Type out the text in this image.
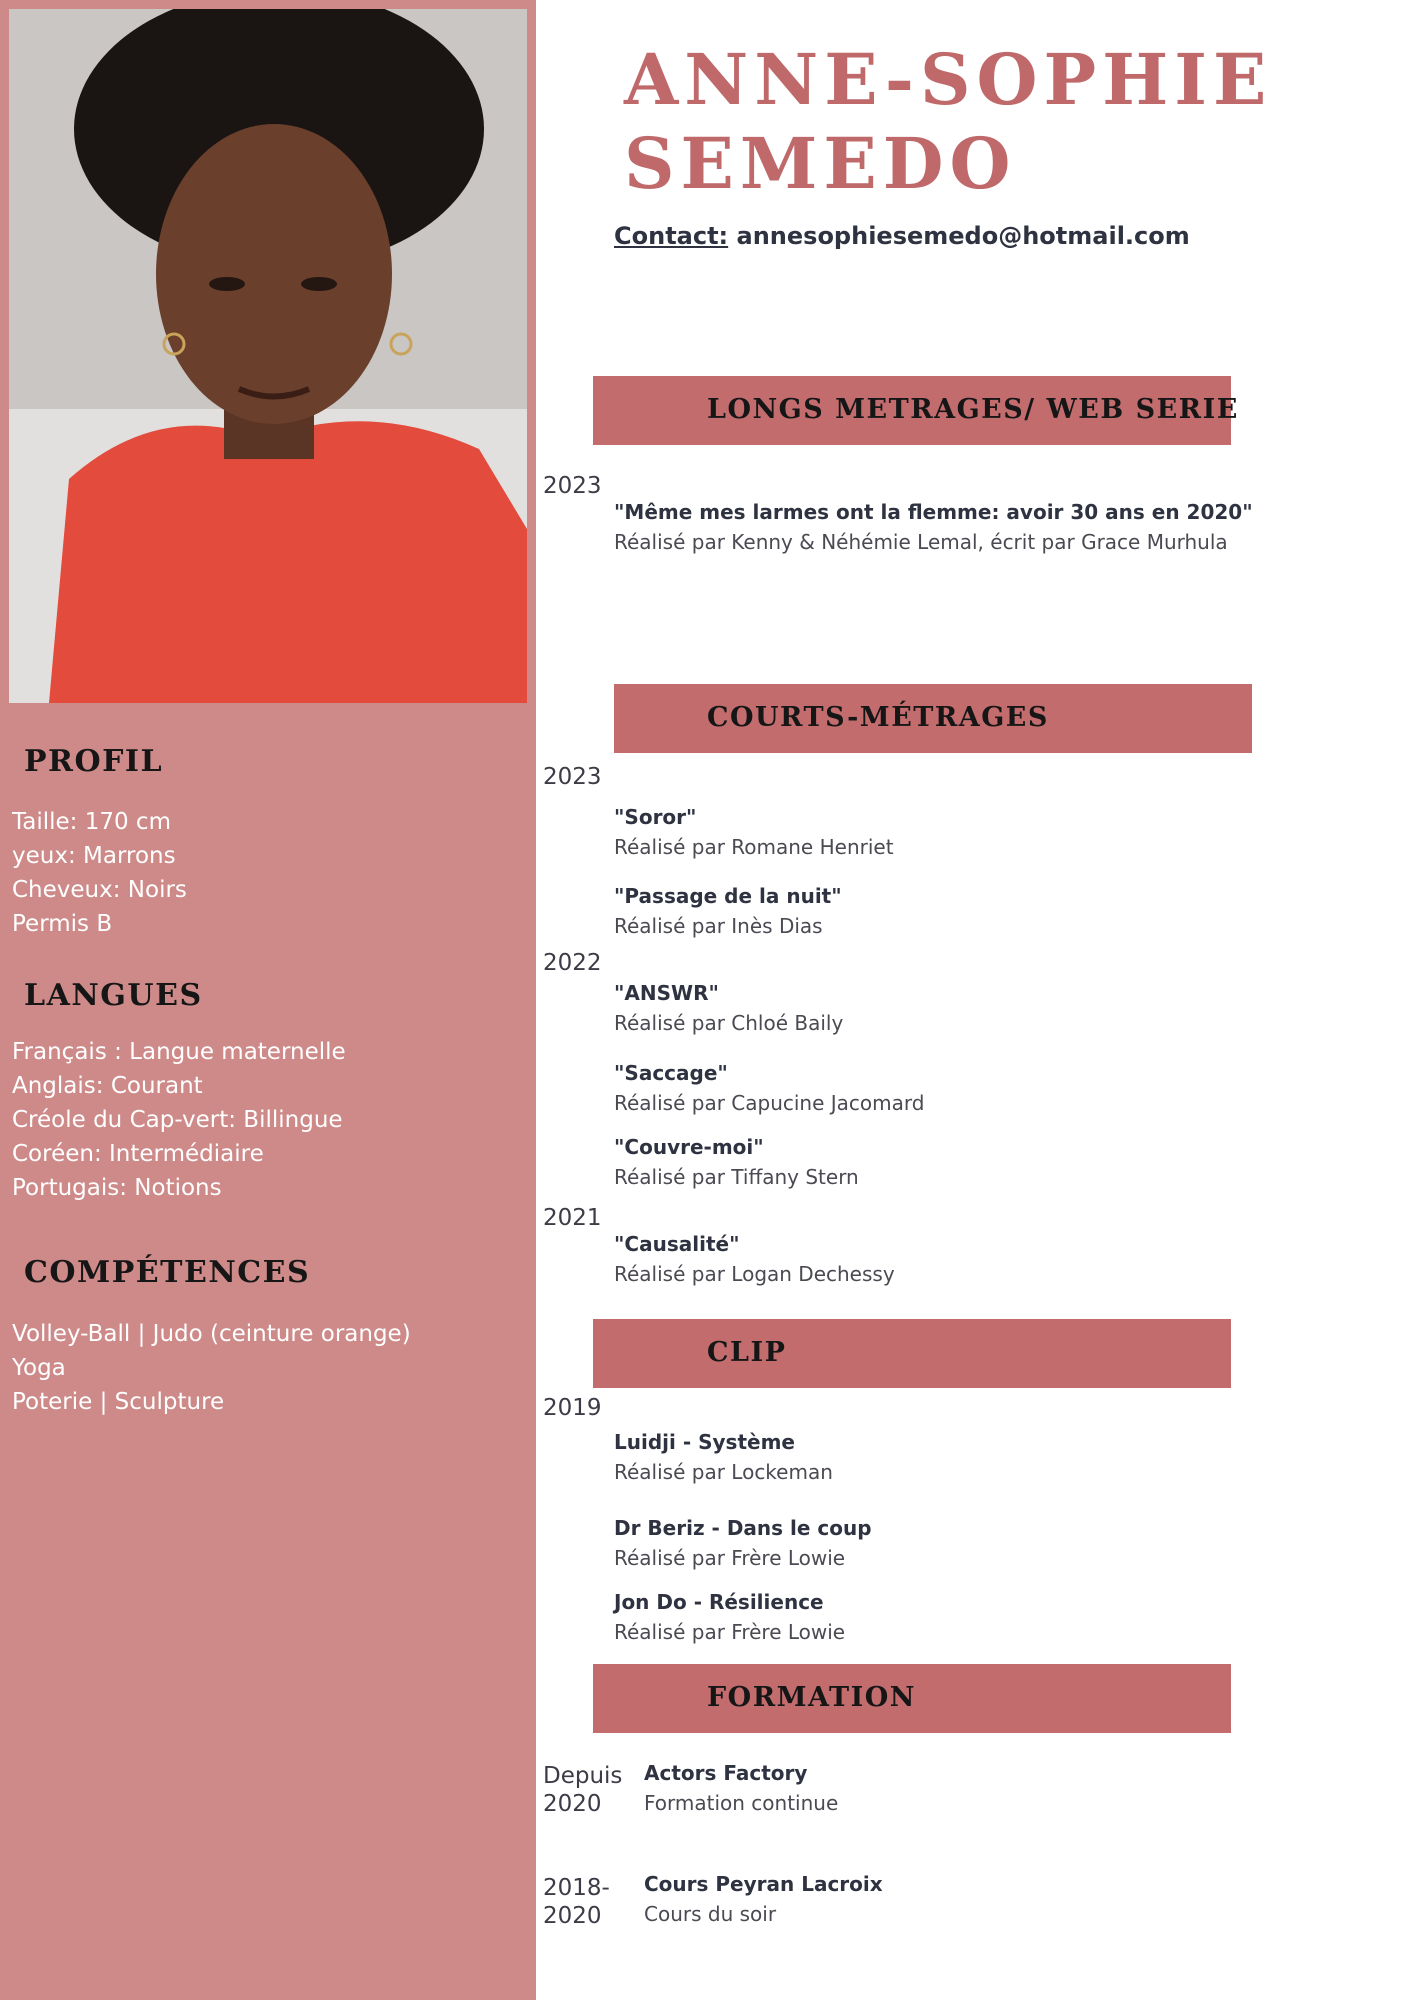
PROFIL
Taille: 170 cm
yeux: Marrons
Cheveux: Noirs
Permis B
LANGUES
Français : Langue maternelle
Anglais: Courant
Créole du Cap-vert: Billingue
Coréen: Intermédiaire
Portugais: Notions
COMPÉTENCES
Volley-Ball | Judo (ceinture orange)
Yoga
Poterie | Sculpture
ANNE-SOPHIE
SEMEDO
Contact: annesophiesemedo@hotmail.com
LONGS METRAGES/ WEB SERIE
2023
"Même mes larmes ont la flemme: avoir 30 ans en 2020"
Réalisé par Kenny & Néhémie Lemal, écrit par Grace Murhula
COURTS-MÉTRAGES
2023
"Soror"
Réalisé par Romane Henriet
"Passage de la nuit"
Réalisé par Inès Dias
2022
"ANSWR"
Réalisé par Chloé Baily
"Saccage"
Réalisé par Capucine Jacomard
"Couvre-moi"
Réalisé par Tiffany Stern
2021
"Causalité"
Réalisé par Logan Dechessy
CLIP
2019
Luidji - Système
Réalisé par Lockeman
Dr Beriz - Dans le coup
Réalisé par Frère Lowie
Jon Do - Résilience
Réalisé par Frère Lowie
FORMATION
Depuis
2020
Actors Factory
Formation continue
2018-
2020
Cours Peyran Lacroix
Cours du soir
